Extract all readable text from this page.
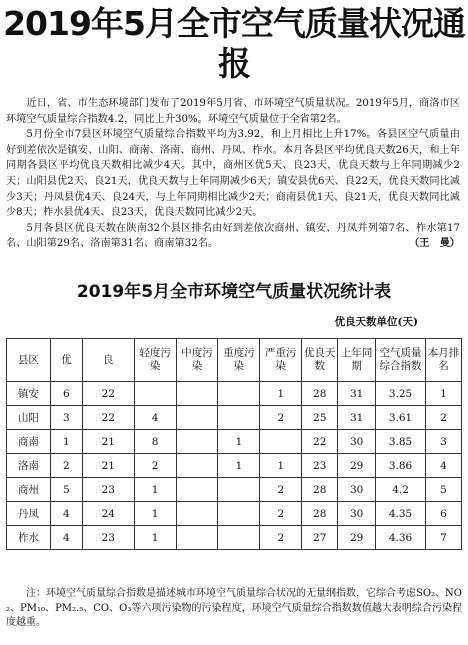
2019年5月全市空气质量状况通报

近日，省、市生态环境部门发布了2019年5月省、市环境空气质量状况。2019年5月，商洛市区环境空气质量综合指数4.2，同比上升30%。环境空气质量位于全省第2名。

5月份全市7县区环境空气质量综合指数平均为3.92，和上月相比上升17%。各县区空气质量由好到差依次是镇安、山阳、商南、洛南、商州、丹凤、柞水。本月各县区平均优良天数26天，和上年同期各县区平均优良天数相比减少4天。其中，商州区优5天、良23天，优良天数与上年同期减少2天；山阳县优2天、良21天，优良天数与上年同期减少6天；镇安县优6天、良22天，优良天数同比减少3天；丹凤县优4天、良24天，与上年同期相比减少2天；商南县优1天、良21天，优良天数同比减少8天；柞水县优4天、良23天，优良天数同比减少2天。

5月各县区优良天数在陕南32个县区排名由好到差依次商州、镇安、丹凤并列第7名、柞水第17名、山阳第29名、洛南第31名、商南第32名。	（王　曼）

2019年5月全市环境空气质量状况统计表
优良天数单位(天)
县区	优	良	轻度污染	中度污染	重度污染	严重污染	优良天数	上年同期	空气质量综合指数	本月排名
镇安	6	22				1	28	31	3.25	1
山阳	3	22	4			2	25	31	3.61	2
商南	1	21	8		1		22	30	3.85	3
洛南	2	21	2		1	1	23	29	3.86	4
商州	5	23	1			2	28	30	4.2	5
丹凤	4	24	1			2	28	30	4.35	6
柞水	4	23	1			2	27	29	4.36	7
注：环境空气质量综合指数是描述城市环境空气质量综合状况的无量纲指数，它综合考虑SO₂、NO₂、PM₁₀、PM₂.₅、CO、O₃等六项污染物的污染程度，环境空气质量综合指数数值越大表明综合污染程度越重。
